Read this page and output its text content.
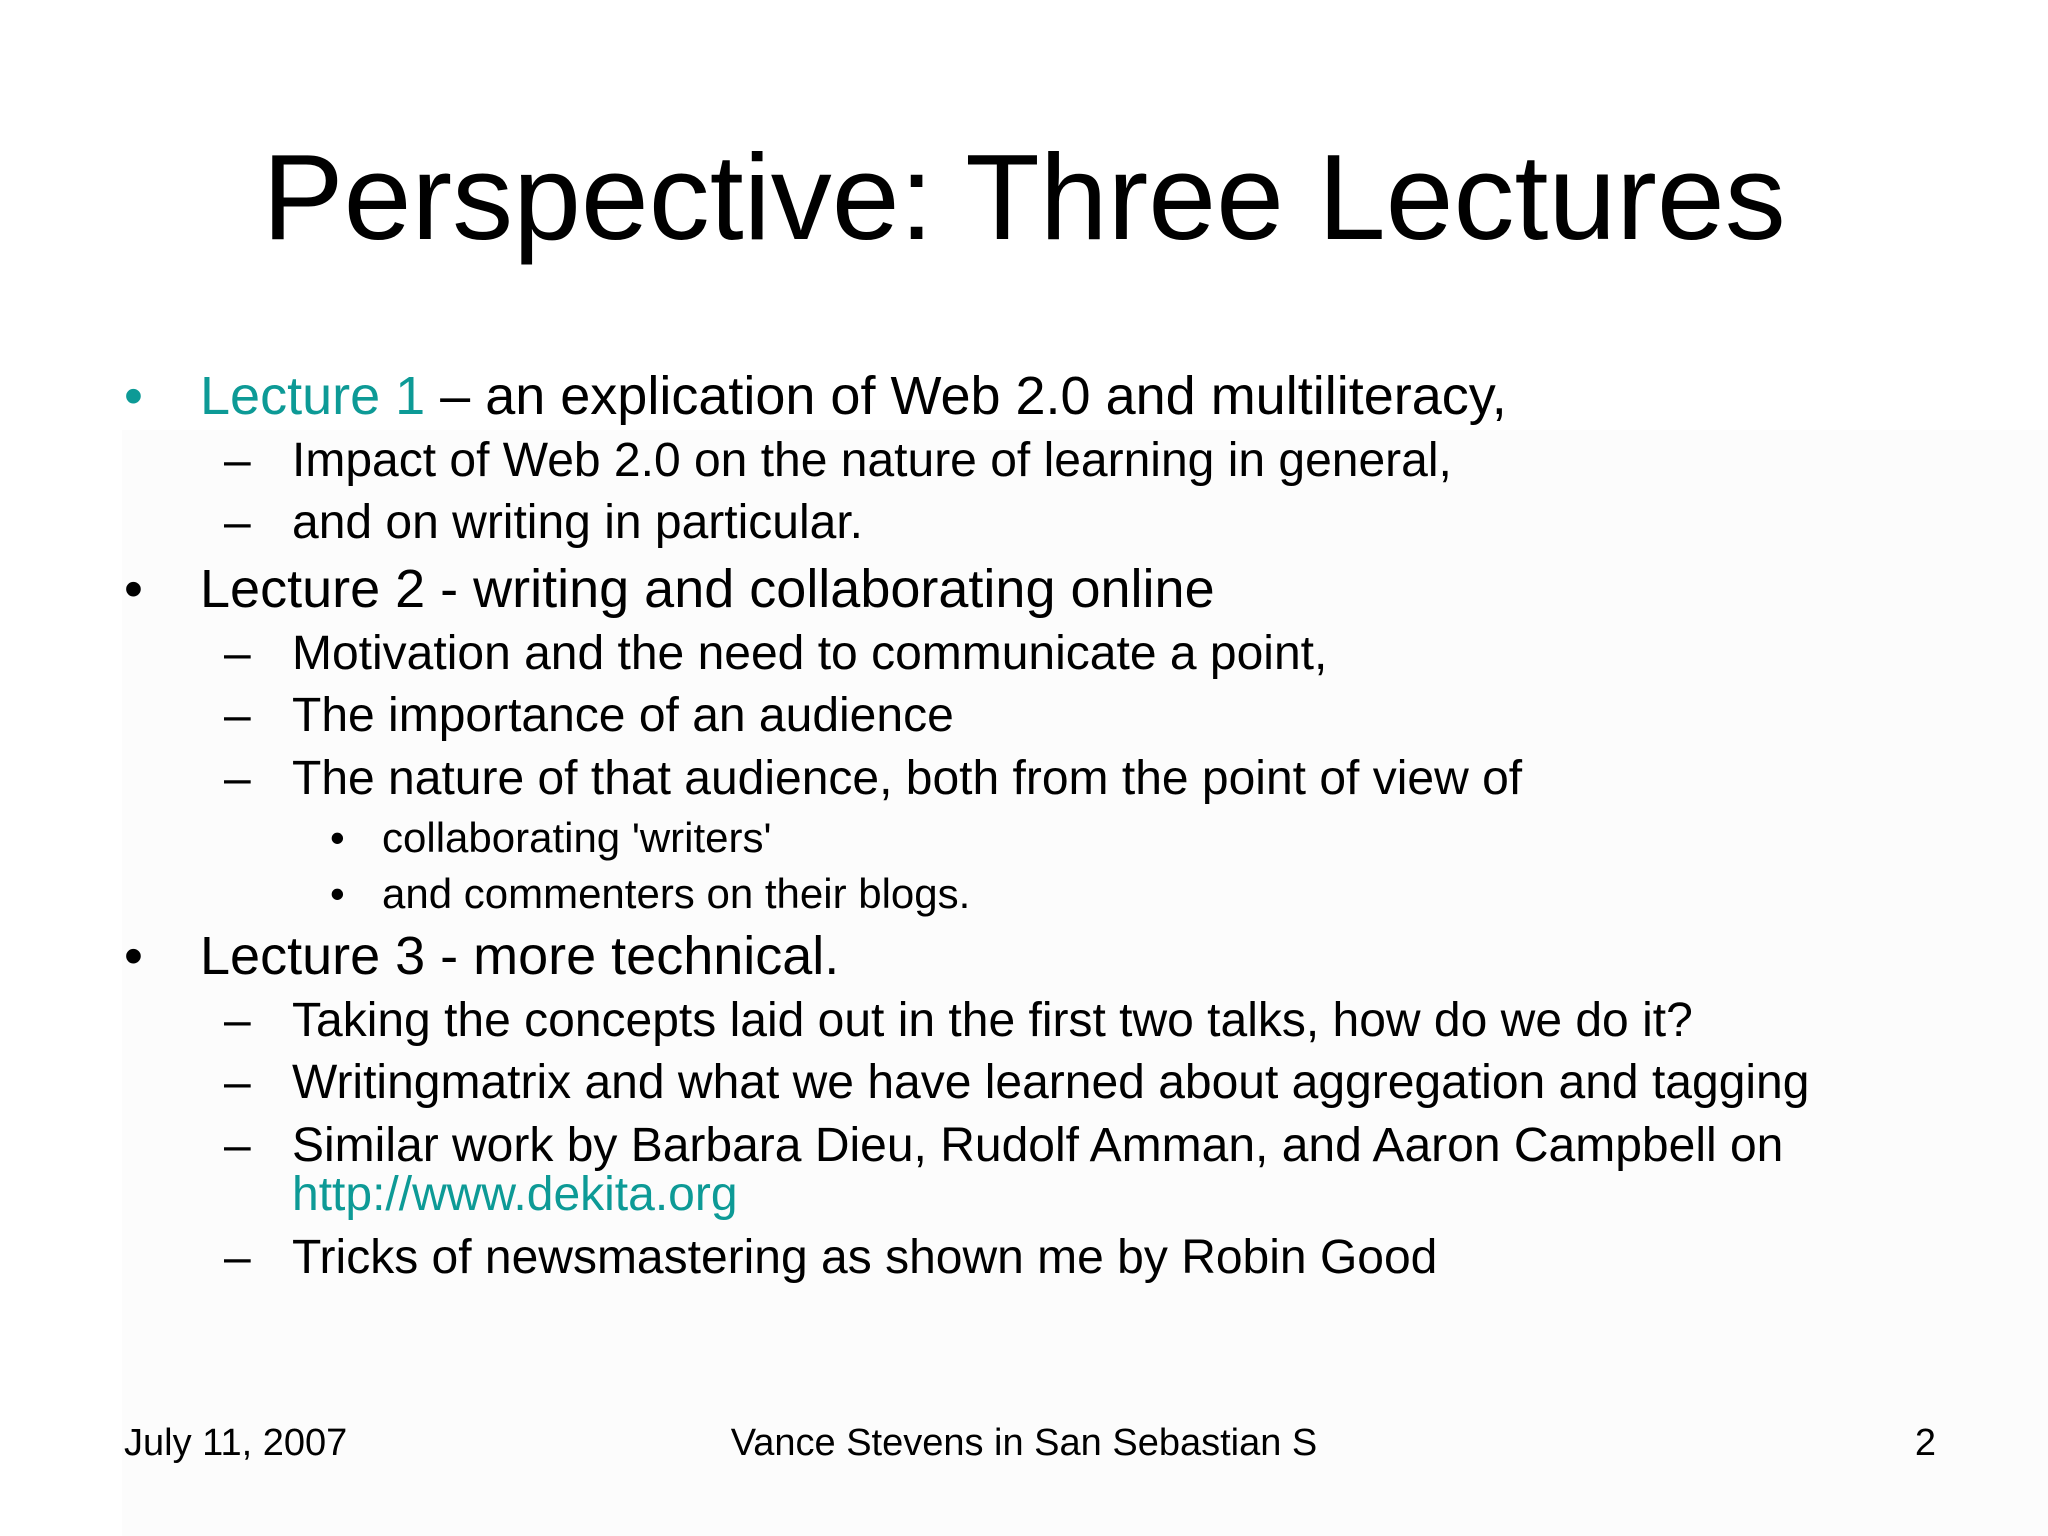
Perspective: Three Lectures
• Lecture 1 – an explication of Web 2.0 and multiliteracy,
– Impact of Web 2.0 on the nature of learning in general,
– and on writing in particular.
• Lecture 2 - writing and collaborating online
– Motivation and the need to communicate a point,
– The importance of an audience
– The nature of that audience, both from the point of view of
• collaborating 'writers'
• and commenters on their blogs.
• Lecture 3 - more technical.
– Taking the concepts laid out in the first two talks, how do we do it?
– Writingmatrix and what we have learned about aggregation and tagging
– Similar work by Barbara Dieu, Rudolf Amman, and Aaron Campbell on
http://www.dekita.org
– Tricks of newsmastering as shown me by Robin Good
July 11, 2007	Vance Stevens in San Sebastian S	2
